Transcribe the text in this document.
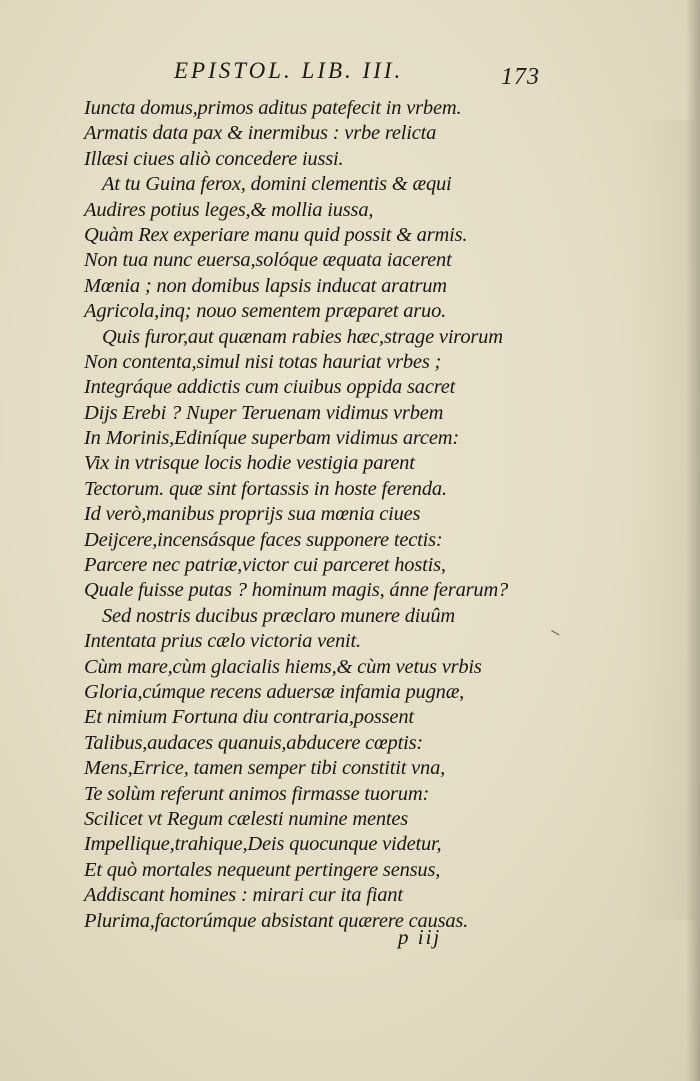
EPISTOL. LIB. III.	173
Iuncta domus,primos aditus patefecit in vrbem.
Armatis data pax & inermibus : vrbe relicta
Illæsi ciues aliò concedere iussi.
At tu Guina ferox, domini clementis & æqui
Audires potius leges,& mollia iussa,
Quàm Rex experiare manu quid possit & armis.
Non tua nunc euersa,solóque æquata iacerent
Mœnia ; non domibus lapsis inducat aratrum
Agricola,inq; nouo sementem præparet aruo.
Quis furor,aut quænam rabies hæc,strage virorum
Non contenta,simul nisi totas hauriat vrbes ;
Integráque addictis cum ciuibus oppida sacret
Dijs Erebi ? Nuper Teruenam vidimus vrbem
In Morinis,Ediníque superbam vidimus arcem:
Vix in vtrisque locis hodie vestigia parent
Tectorum. quæ sint fortassis in hoste ferenda.
Id verò,manibus proprijs sua mœnia ciues
Deijcere,incensásque faces supponere tectis:
Parcere nec patriæ,victor cui parceret hostis,
Quale fuisse putas ? hominum magis, ánne ferarum?
Sed nostris ducibus præclaro munere diuûm
Intentata prius cælo victoria venit.
Cùm mare,cùm glacialis hiems,& cùm vetus vrbis
Gloria,cúmque recens aduersæ infamia pugnæ,
Et nimium Fortuna diu contraria,possent
Talibus,audaces quanuis,abducere cœptis:
Mens,Errice, tamen semper tibi constitit vna,
Te solùm referunt animos firmasse tuorum:
Scilicet vt Regum cælesti numine mentes
Impellique,trahique,Deis quocunque videtur,
Et quò mortales nequeunt pertingere sensus,
Addiscant homines : mirari cur ita fiant
Plurima,factorúmque absistant quærere causas.
p iij
